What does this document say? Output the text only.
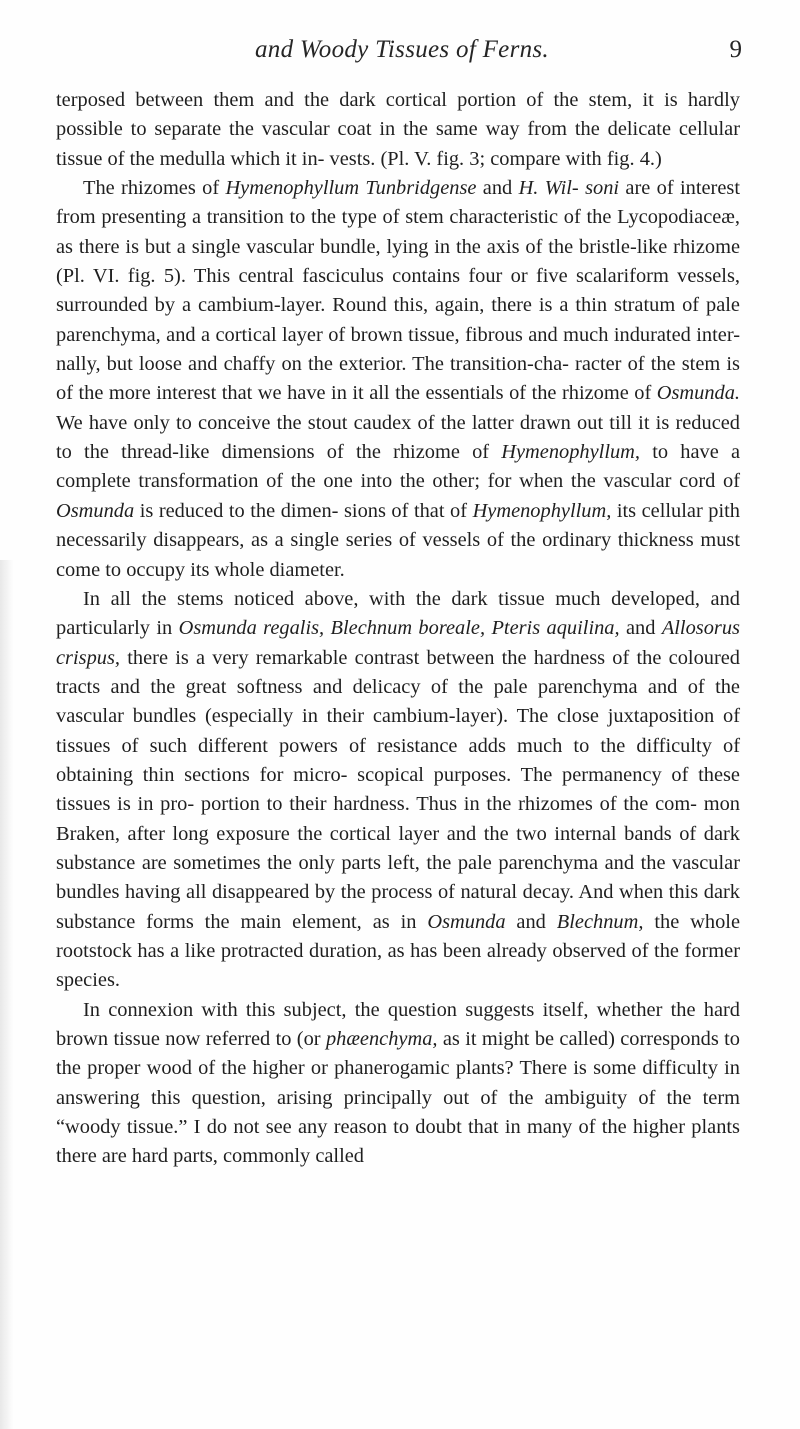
and Woody Tissues of Ferns.	9

terposed between them and the dark cortical portion of the stem, it is hardly possible to separate the vascular coat in the same way from the delicate cellular tissue of the medulla which it in- vests. (Pl. V. fig. 3; compare with fig. 4.)

The rhizomes of Hymenophyllum Tunbridgense and H. Wil- soni are of interest from presenting a transition to the type of stem characteristic of the Lycopodiaceæ, as there is but a single vascular bundle, lying in the axis of the bristle-like rhizome (Pl. VI. fig. 5). This central fasciculus contains four or five scalariform vessels, surrounded by a cambium-layer. Round this, again, there is a thin stratum of pale parenchyma, and a cortical layer of brown tissue, fibrous and much indurated inter- nally, but loose and chaffy on the exterior. The transition-cha- racter of the stem is of the more interest that we have in it all the essentials of the rhizome of Osmunda. We have only to conceive the stout caudex of the latter drawn out till it is reduced to the thread-like dimensions of the rhizome of Hymenophyllum, to have a complete transformation of the one into the other; for when the vascular cord of Osmunda is reduced to the dimen- sions of that of Hymenophyllum, its cellular pith necessarily disappears, as a single series of vessels of the ordinary thickness must come to occupy its whole diameter.

In all the stems noticed above, with the dark tissue much developed, and particularly in Osmunda regalis, Blechnum boreale, Pteris aquilina, and Allosorus crispus, there is a very remarkable contrast between the hardness of the coloured tracts and the great softness and delicacy of the pale parenchyma and of the vascular bundles (especially in their cambium-layer). The close juxtaposition of tissues of such different powers of resistance adds much to the difficulty of obtaining thin sections for micro- scopical purposes. The permanency of these tissues is in pro- portion to their hardness. Thus in the rhizomes of the com- mon Braken, after long exposure the cortical layer and the two internal bands of dark substance are sometimes the only parts left, the pale parenchyma and the vascular bundles having all disappeared by the process of natural decay. And when this dark substance forms the main element, as in Osmunda and Blechnum, the whole rootstock has a like protracted duration, as has been already observed of the former species.

In connexion with this subject, the question suggests itself, whether the hard brown tissue now referred to (or phæenchyma, as it might be called) corresponds to the proper wood of the higher or phanerogamic plants? There is some difficulty in answering this question, arising principally out of the ambiguity of the term “woody tissue.” I do not see any reason to doubt that in many of the higher plants there are hard parts, commonly called
